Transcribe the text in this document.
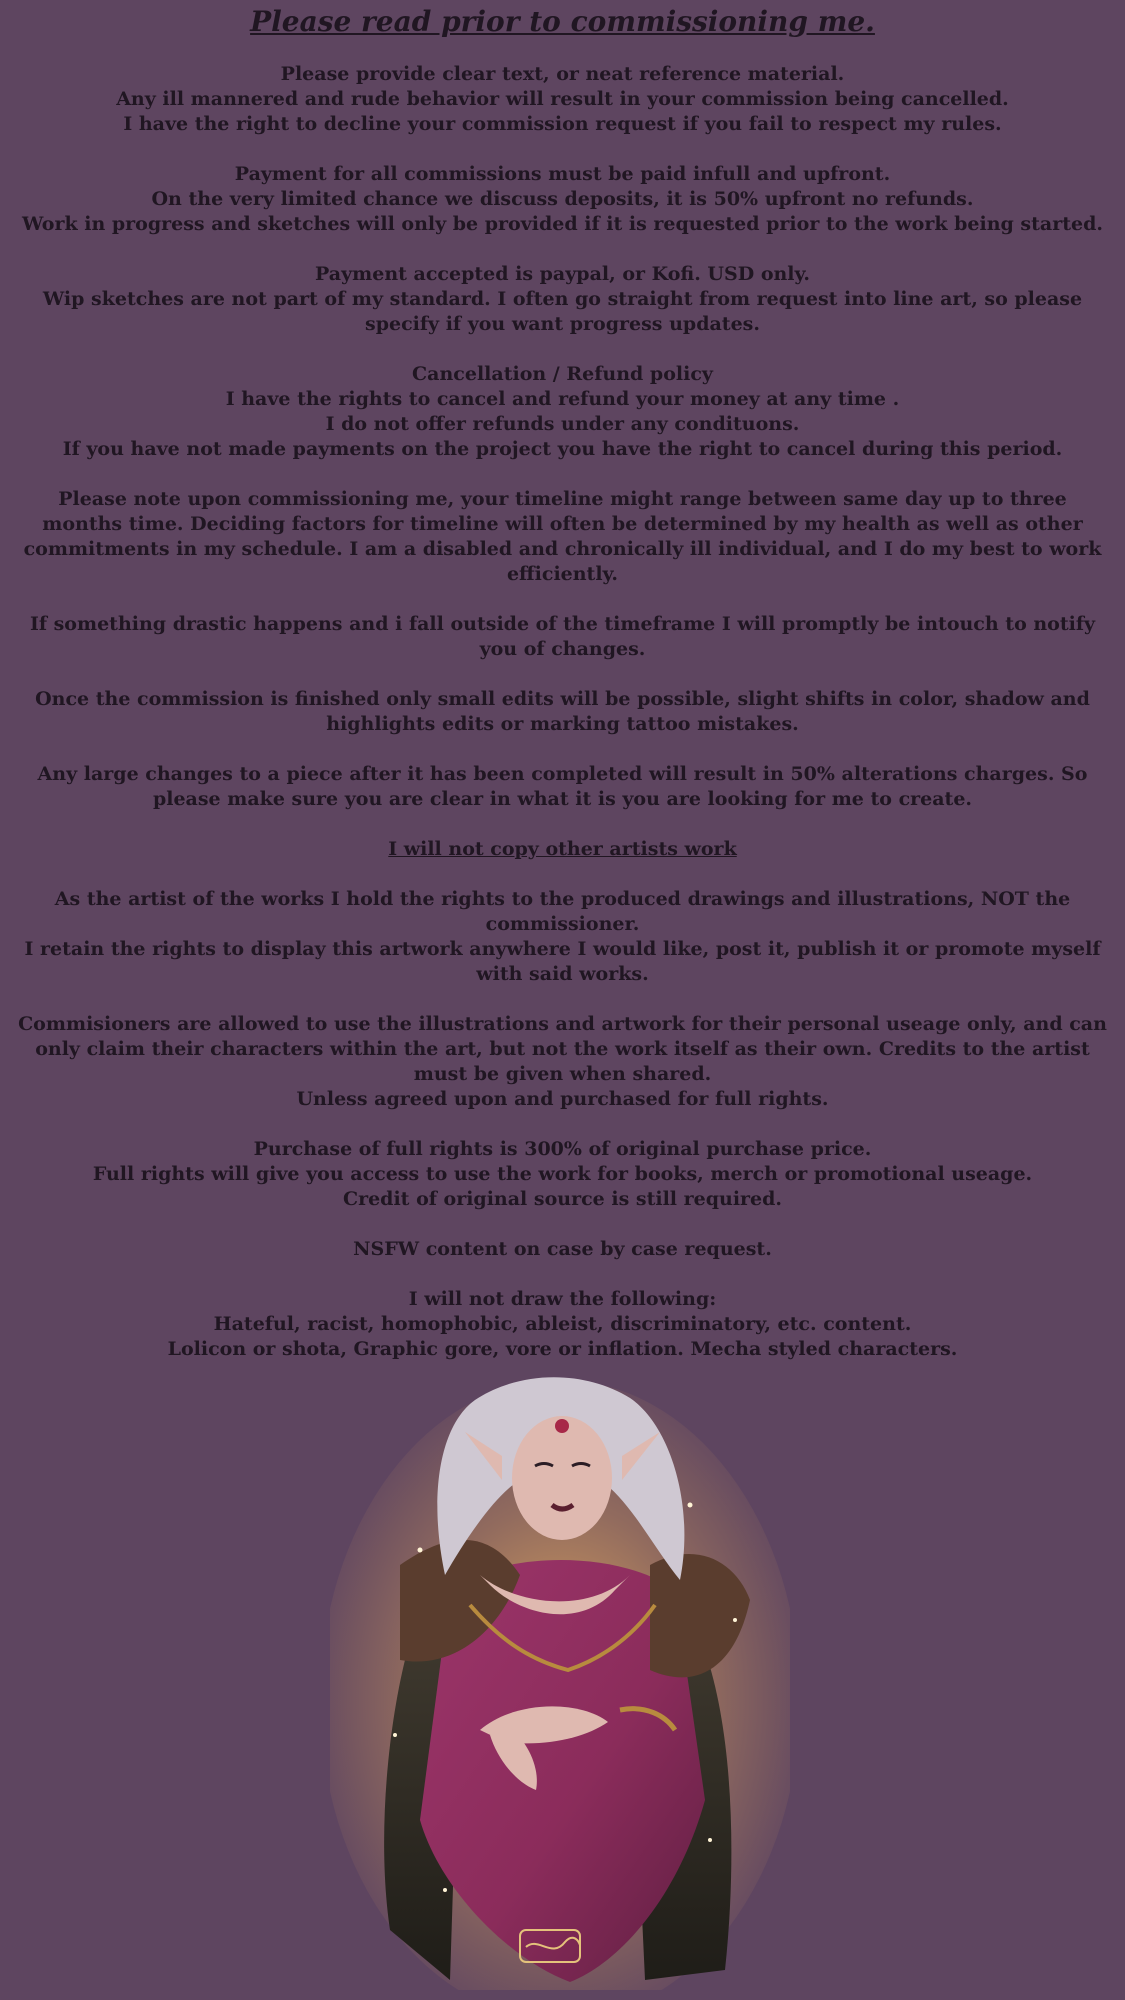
Please read prior to commissioning me.

Please provide clear text, or neat reference material.
Any ill mannered and rude behavior will result in your commission being cancelled.
I have the right to decline your commission request if you fail to respect my rules.

Payment for all commissions must be paid infull and upfront.
On the very limited chance we discuss deposits, it is 50% upfront no refunds.
Work in progress and sketches will only be provided if it is requested prior to the work being started.

Payment accepted is paypal, or Kofi. USD only.
Wip sketches are not part of my standard. I often go straight from request into line art, so please specify if you want progress updates.

Cancellation / Refund policy
I have the rights to cancel and refund your money at any time .
I do not offer refunds under any condituons.
If you have not made payments on the project you have the right to cancel during this period.

Please note upon commissioning me, your timeline might range between same day up to three months time. Deciding factors for timeline will often be determined by my health as well as other commitments in my schedule. I am a disabled and chronically ill individual, and I do my best to work efficiently.

If something drastic happens and i fall outside of the timeframe I will promptly be intouch to notify you of changes.

Once the commission is finished only small edits will be possible, slight shifts in color, shadow and highlights edits or marking tattoo mistakes.

Any large changes to a piece after it has been completed will result in 50% alterations charges. So please make sure you are clear in what it is you are looking for me to create.

I will not copy other artists work

As the artist of the works I hold the rights to the produced drawings and illustrations, NOT the commissioner.
I retain the rights to display this artwork anywhere I would like, post it, publish it or promote myself with said works.

Commisioners are allowed to use the illustrations and artwork for their personal useage only, and can only claim their characters within the art, but not the work itself as their own. Credits to the artist must be given when shared.
Unless agreed upon and purchased for full rights.

Purchase of full rights is 300% of original purchase price.
Full rights will give you access to use the work for books, merch or promotional useage.
Credit of original source is still required.

NSFW content on case by case request.

I will not draw the following:
Hateful, racist, homophobic, ableist, discriminatory, etc. content.
Lolicon or shota, Graphic gore, vore or inflation. Mecha styled characters.
